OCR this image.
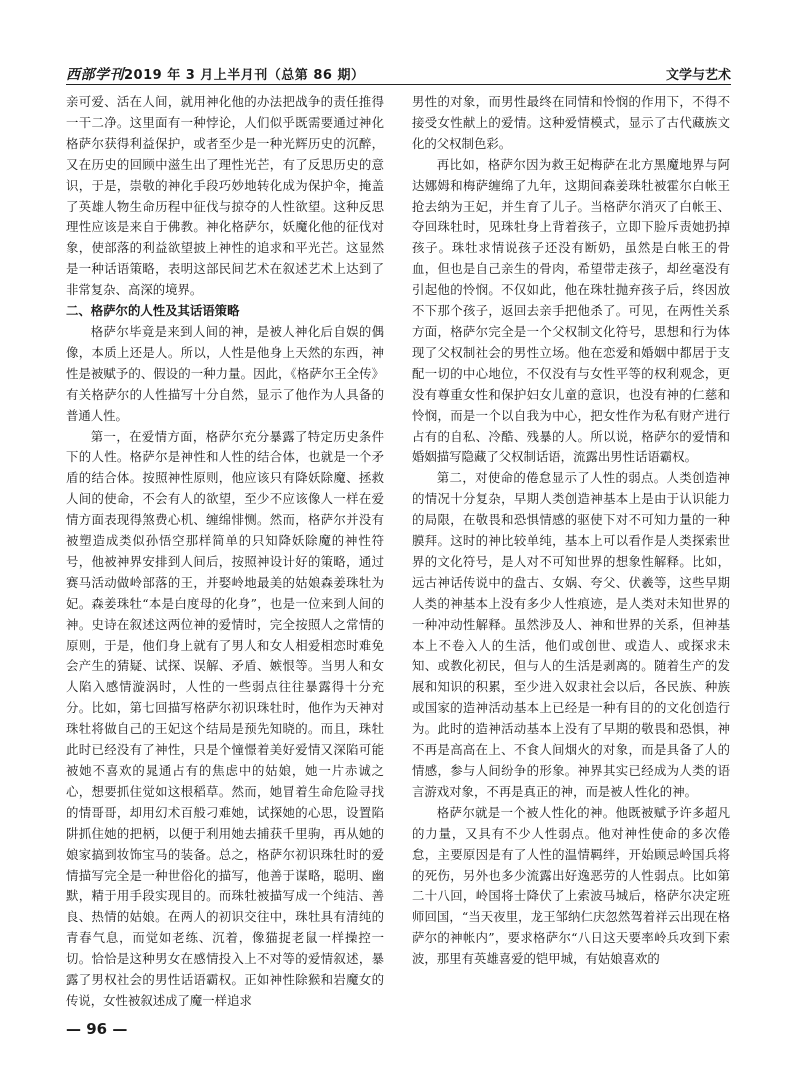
西部学刊2019 年 3 月上半月刊（总第 86 期）	文学与艺术

亲可爱、活在人间，就用神化他的办法把战争的责任推得一干二净。这里面有一种悖论，人们似乎既需要通过神化格萨尔获得利益保护，或者至少是一种光辉历史的沉醉，又在历史的回顾中滋生出了理性光芒，有了反思历史的意识，于是，崇敬的神化手段巧妙地转化成为保护伞，掩盖了英雄人物生命历程中征伐与掠夺的人性欲望。这种反思理性应该是来自于佛教。神化格萨尔，妖魔化他的征伐对象，使部落的利益欲望披上神性的追求和平光芒。这显然是一种话语策略，表明这部民间艺术在叙述艺术上达到了非常复杂、高深的境界。

二、格萨尔的人性及其话语策略

格萨尔毕竟是来到人间的神，是被人神化后自娱的偶像，本质上还是人。所以，人性是他身上天然的东西，神性是被赋予的、假设的一种力量。因此，《格萨尔王全传》有关格萨尔的人性描写十分自然，显示了他作为人具备的普通人性。

第一，在爱情方面，格萨尔充分暴露了特定历史条件下的人性。格萨尔是神性和人性的结合体，也就是一个矛盾的结合体。按照神性原则，他应该只有降妖除魔、拯救人间的使命，不会有人的欲望，至少不应该像人一样在爱情方面表现得煞费心机、缠绵悱恻。然而，格萨尔并没有被塑造成类似孙悟空那样简单的只知降妖除魔的神性符号，他被神界安排到人间后，按照神设计好的策略，通过赛马活动做岭部落的王，并娶岭地最美的姑娘森姜珠牡为妃。森姜珠牡“本是白度母的化身”，也是一位来到人间的神。史诗在叙述这两位神的爱情时，完全按照人之常情的原则，于是，他们身上就有了男人和女人相爱相恋时难免会产生的猜疑、试探、误解、矛盾、嫉恨等。当男人和女人陷入感情漩涡时，人性的一些弱点往往暴露得十分充分。比如，第七回描写格萨尔初识珠牡时，他作为天神对珠牡将做自己的王妃这个结局是预先知晓的。而且，珠牡此时已经没有了神性，只是个憧憬着美好爱情又深陷可能被她不喜欢的晁通占有的焦虑中的姑娘，她一片赤诚之心，想要抓住觉如这根稻草。然而，她冒着生命危险寻找的情哥哥，却用幻术百般刁难她，试探她的心思，设置陷阱抓住她的把柄，以便于利用她去捕获千里驹，再从她的娘家搞到妆饰宝马的装备。总之，格萨尔初识珠牡时的爱情描写完全是一种世俗化的描写，他善于谋略，聪明、幽默，精于用手段实现目的。而珠牡被描写成一个纯洁、善良、热情的姑娘。在两人的初识交往中，珠牡具有清纯的青春气息，而觉如老练、沉着，像猫捉老鼠一样操控一切。恰恰是这种男女在感情投入上不对等的爱情叙述，暴露了男权社会的男性话语霸权。正如神性除猴和岩魔女的传说，女性被叙述成了魔一样追求

男性的对象，而男性最终在同情和怜悯的作用下，不得不接受女性献上的爱情。这种爱情模式，显示了古代藏族文化的父权制色彩。

再比如，格萨尔因为救王妃梅萨在北方黑魔地界与阿达娜姆和梅萨缠绵了九年，这期间森姜珠牡被霍尔白帐王抢去纳为王妃，并生育了儿子。当格萨尔消灭了白帐王、夺回珠牡时，见珠牡身上背着孩子，立即下脸斥责她扔掉孩子。珠牡求情说孩子还没有断奶，虽然是白帐王的骨血，但也是自己亲生的骨肉，希望带走孩子，却丝毫没有引起他的怜悯。不仅如此，他在珠牡抛弃孩子后，终因放不下那个孩子，返回去亲手把他杀了。可见，在两性关系方面，格萨尔完全是一个父权制文化符号，思想和行为体现了父权制社会的男性立场。他在恋爱和婚姻中都居于支配一切的中心地位，不仅没有与女性平等的权利观念，更没有尊重女性和保护妇女儿童的意识，也没有神的仁慈和怜悯，而是一个以自我为中心，把女性作为私有财产进行占有的自私、冷酷、残暴的人。所以说，格萨尔的爱情和婚姻描写隐藏了父权制话语，流露出男性话语霸权。

第二，对使命的倦怠显示了人性的弱点。人类创造神的情况十分复杂，早期人类创造神基本上是由于认识能力的局限，在敬畏和恐惧情感的驱使下对不可知力量的一种膜拜。这时的神比较单纯，基本上可以看作是人类探索世界的文化符号，是人对不可知世界的想象性解释。比如，远古神话传说中的盘古、女娲、夸父、伏羲等，这些早期人类的神基本上没有多少人性痕迹，是人类对未知世界的一种冲动性解释。虽然涉及人、神和世界的关系，但神基本上不卷入人的生活，他们或创世、或造人、或探求未知、或教化初民，但与人的生活是剥离的。随着生产的发展和知识的积累，至少进入奴隶社会以后，各民族、种族或国家的造神活动基本上已经是一种有目的的文化创造行为。此时的造神活动基本上没有了早期的敬畏和恐惧，神不再是高高在上、不食人间烟火的对象，而是具备了人的情感，参与人间纷争的形象。神界其实已经成为人类的语言游戏对象，不再是真正的神，而是被人性化的神。

格萨尔就是一个被人性化的神。他既被赋予许多超凡的力量，又具有不少人性弱点。他对神性使命的多次倦怠，主要原因是有了人性的温情羁绊，开始顾忌岭国兵将的死伤，另外也多少流露出好逸恶劳的人性弱点。比如第二十八回，岭国将士降伏了上索波马城后，格萨尔决定班师回国，“当天夜里，龙王邹纳仁庆忽然驾着祥云出现在格萨尔的神帐内”，要求格萨尔“八日这天要率岭兵攻到下索波，那里有英雄喜爱的铠甲城，有姑娘喜欢的

— 96 —
